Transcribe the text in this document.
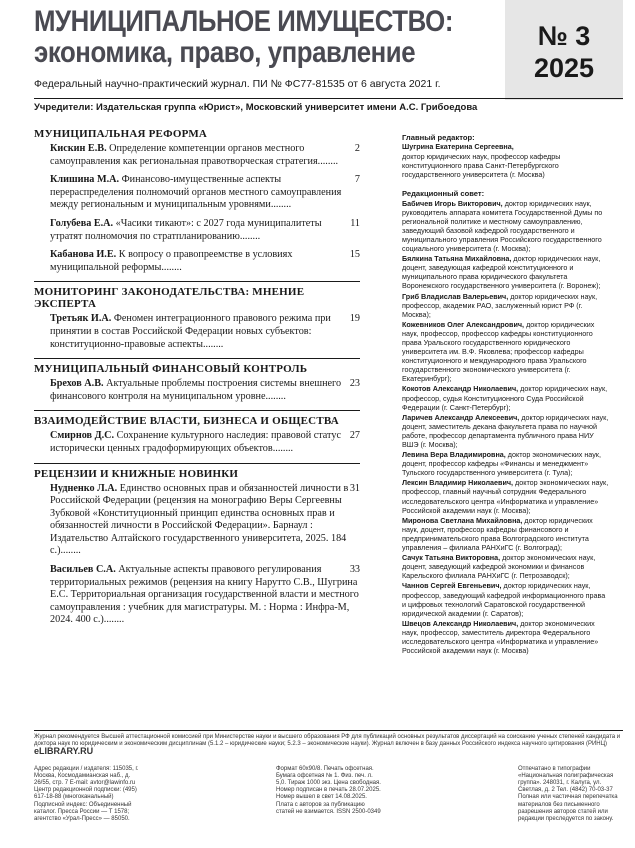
МУНИЦИПАЛЬНОЕ ИМУЩЕСТВО:
экономика, право, управление
Федеральный научно-практический журнал. ПИ № ФС77-81535 от 6 августа 2021 г.
№ 3
2025
Учредители: Издательская группа «Юрист», Московский университет имени А.С. Грибоедова
МУНИЦИПАЛЬНАЯ РЕФОРМА
2
Кискин Е.В. Определение компетенции органов местного самоуправления как региональная правотворческая стратегия........
7
Клишина М.А. Финансово-имущественные аспекты перераспределения полномочий органов местного самоуправления между региональным и муниципальным уровнями........
11
Голубева Е.А. «Часики тикают»: с 2027 года муниципалитеты утратят полномочия по стратпланированию........
15
Кабанова И.Е. К вопросу о правопреемстве в условиях муниципальной реформы........
МОНИТОРИНГ ЗАКОНОДАТЕЛЬСТВА: МНЕНИЕ ЭКСПЕРТА
19
Третьяк И.А. Феномен интеграционного правового режима при принятии в состав Российской Федерации новых субъектов: конституционно-правовые аспекты........
МУНИЦИПАЛЬНЫЙ ФИНАНСОВЫЙ КОНТРОЛЬ
23
Брехов А.В. Актуальные проблемы построения системы внешнего финансового контроля на муниципальном уровне........
ВЗАИМОДЕЙСТВИЕ ВЛАСТИ, БИЗНЕСА И ОБЩЕСТВА
27
Смирнов Д.С. Сохранение культурного наследия: правовой статус исторически ценных градоформирующих объектов........
РЕЦЕНЗИИ И КНИЖНЫЕ НОВИНКИ
31
Нудненко Л.А. Единство основных прав и обязанностей личности в Российской Федерации (рецензия на монографию Веры Сергеевны Зубковой «Конституционный принцип единства основных прав и обязанностей личности в Российской Федерации». Барнаул : Издательство Алтайского государственного университета, 2025. 184 с.)........
33
Васильев С.А. Актуальные аспекты правового регулирования территориальных режимов (рецензия на книгу Нарутто С.В., Шугрина Е.С. Территориальная организация государственной власти и местного самоуправления : учебник для магистратуры. М. : Норма : Инфра-М, 2024. 400 с.)........
Главный редактор:
Шугрина Екатерина Сергеевна,
доктор юридических наук, профессор кафедры конституционного права Санкт-Петербургского государственного университета (г. Москва)
Редакционный совет:
Бабичев Игорь Викторович, доктор юридических наук, руководитель аппарата комитета Государственной Думы по региональной политике и местному самоуправлению, заведующий базовой кафедрой государственного и муниципального управления Российского государственного социального университета (г. Москва);
Бялкина Татьяна Михайловна, доктор юридических наук, доцент, заведующая кафедрой конституционного и муниципального права юридического факультета Воронежского государственного университета (г. Воронеж);
Гриб Владислав Валерьевич, доктор юридических наук, профессор, академик РАО, заслуженный юрист РФ (г. Москва);
Кожевников Олег Александрович, доктор юридических наук, профессор, профессор кафедры конституционного права Уральского государственного юридического университета им. В.Ф. Яковлева; профессор кафедры конституционного и международного права Уральского государственного экономического университета (г. Екатеринбург);
Кокотов Александр Николаевич, доктор юридических наук, профессор, судья Конституционного Суда Российской Федерации (г. Санкт-Петербург);
Ларичев Александр Алексеевич, доктор юридических наук, доцент, заместитель декана факультета права по научной работе, профессор департамента публичного права НИУ ВШЭ (г. Москва);
Левина Вера Владимировна, доктор экономических наук, доцент, профессор кафедры «Финансы и менеджмент» Тульского государственного университета (г. Тула);
Лексин Владимир Николаевич, доктор экономических наук, профессор, главный научный сотрудник Федерального исследовательского центра «Информатика и управление» Российской академии наук (г. Москва);
Миронова Светлана Михайловна, доктор юридических наук, доцент, профессор кафедры финансового и предпринимательского права Волгоградского института управления – филиала РАНХиГС (г. Волгоград);
Сачук Татьяна Викторовна, доктор экономических наук, доцент, заведующий кафедрой экономики и финансов Карельского филиала РАНХиГС (г. Петрозаводск);
Чаннов Сергей Евгеньевич, доктор юридических наук, профессор, заведующий кафедрой информационного права и цифровых технологий Саратовской государственной юридической академии (г. Саратов);
Швецов Александр Николаевич, доктор экономических наук, профессор, заместитель директора Федерального исследовательского центра «Информатика и управление» Российской академии наук (г. Москва)
Журнал рекомендуется Высшей аттестационной комиссией при Министерстве науки и высшего образования РФ для публикаций основных результатов диссертаций на соискание ученых степеней кандидата и доктора наук по юридическим и экономическим дисциплинам (5.1.2 – юридические науки; 5.2.3 – экономические науки). Журнал включен в базу данных Российского индекса научного цитирования (РИНЦ) eLIBRARY.RU
Адрес редакции / издателя: 115035, г. Москва, Космодамианская наб., д. 26/55, стр. 7 E-mail: avtor@lawinfo.ru Центр редакционной подписки: (495) 617-18-88 (многоканальный) Подписной индекс: Объединенный каталог. Пресса России — Т 1578; агентство «Урал-Пресс» — 85050.
Формат 60х90/8. Печать офсетная. Бумага офсетная № 1. Физ. печ. л. 5,0. Тираж 1000 экз. Цена свободная. Номер подписан в печать 28.07.2025. Номер вышел в свет 14.08.2025. Плата с авторов за публикацию статей не взимается. ISSN 2500-0349
Отпечатано в типографии «Национальная полиграфическая группа». 248031, г. Калуга, ул. Светлая, д. 2 Тел. (4842) 70-03-37 Полная или частичная перепечатка материалов без письменного разрешения авторов статей или редакции преследуется по закону.
